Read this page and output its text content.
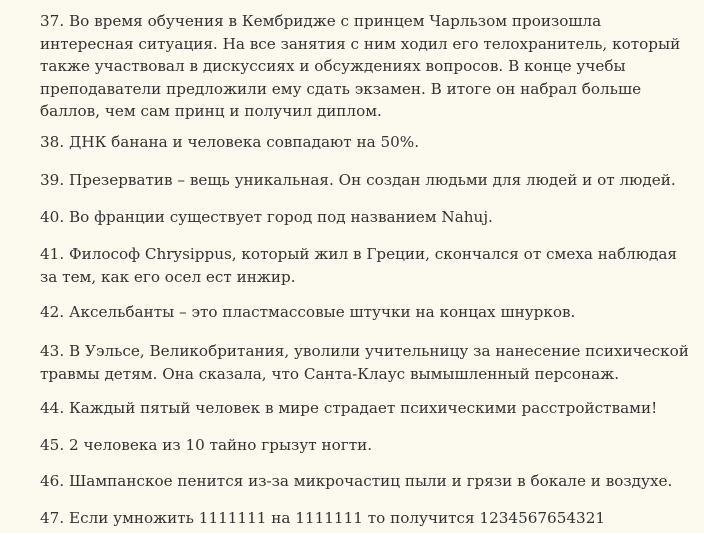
37. Во время обучения в Кембридже с принцем Чарльзом произошла
интересная ситуация. На все занятия с ним ходил его телохранитель, который
также участвовал в дискуссиях и обсуждениях вопросов. В конце учебы
преподаватели предложили ему сдать экзамен. В итоге он набрал больше
баллов, чем сам принц и получил диплом.

38. ДНК банана и человека совпадают на 50%.

39. Презерватив – вещь уникальная. Он создан людьми для людей и от людей.

40. Во франции существует город под названием Nahuj.

41. Философ Chrysippus, который жил в Греции, скончался от смеха наблюдая
за тем, как его осел ест инжир.

42. Аксельбанты – это пластмассовые штучки на концах шнурков.

43. В Уэльсе, Великобритания, уволили учительницу за нанесение психической
травмы детям. Она сказала, что Санта-Клаус вымышленный персонаж.

44. Каждый пятый человек в мире страдает психическими расстройствами!

45. 2 человека из 10 тайно грызут ногти.

46. Шампанское пенится из-за микрочастиц пыли и грязи в бокале и воздухе.

47. Если умножить 1111111 на 1111111 то получится 1234567654321
